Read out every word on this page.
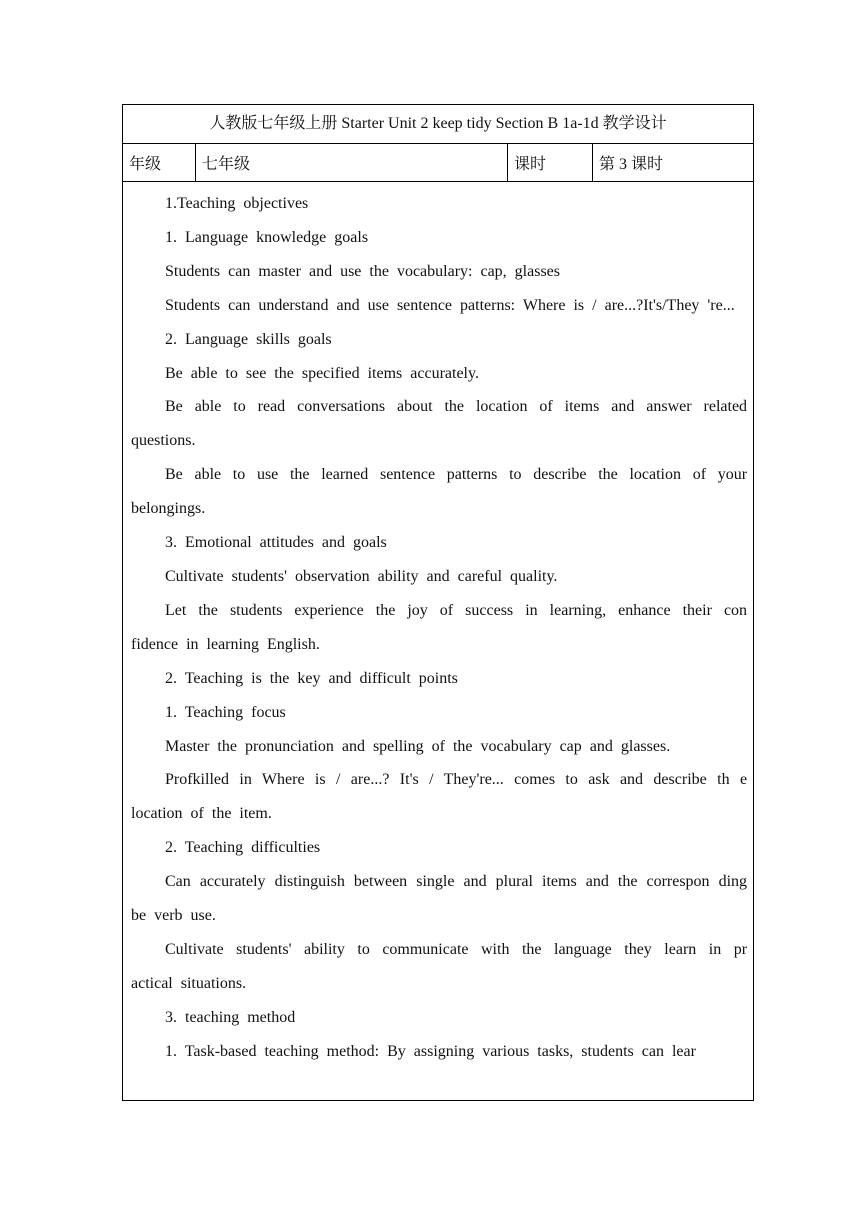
人教版七年级上册 Starter Unit 2 keep tidy Section B 1a-1d 教学设计
年级	七年级	课时	第 3 课时

1.Teaching objectives

1. Language knowledge goals

Students can master and use the vocabulary: cap, glasses

Students can understand and use sentence patterns: Where is / are...?It's/They 're...

2. Language skills goals

Be able to see the specified items accurately.

Be able to read conversations about the location of items and answer related questions.

Be able to use the learned sentence patterns to describe the location of your belongings.

3. Emotional attitudes and goals

Cultivate students' observation ability and careful quality.

Let the students experience the joy of success in learning, enhance their con fidence in learning English.

2. Teaching is the key and difficult points

1. Teaching focus

Master the pronunciation and spelling of the vocabulary cap and glasses.

Profkilled in Where is / are...? It's / They're... comes to ask and describe th e location of the item.

2. Teaching difficulties

Can accurately distinguish between single and plural items and the correspon ding be verb use.

Cultivate students' ability to communicate with the language they learn in pr actical situations.

3. teaching method

1. Task-based teaching method: By assigning various tasks, students can lear
